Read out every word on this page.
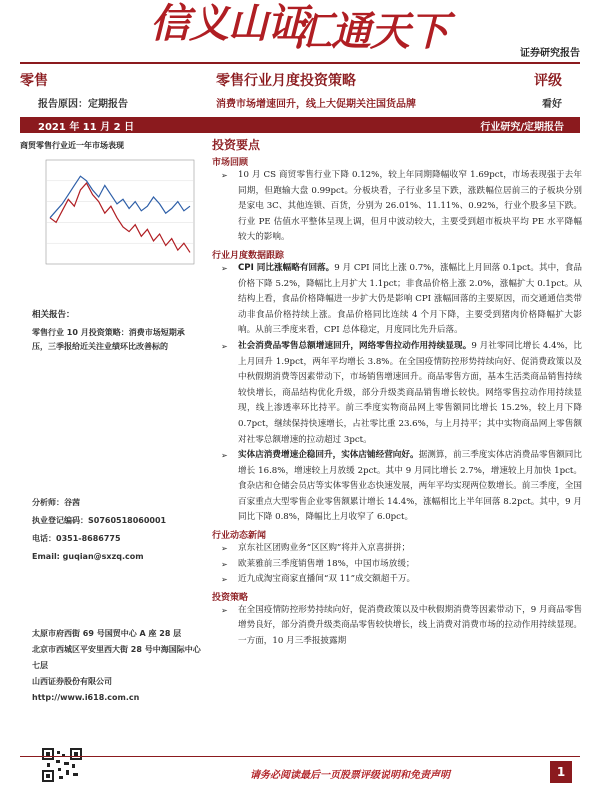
信义山证
汇通天下	证券研究报告
零售	零售行业月度投资策略	评级
报告原因：定期报告	消费市场增速回升，线上大促期关注国货品牌	看好
2021 年 11 月 2 日	行业研究/定期报告
商贸零售行业近一年市场表现
相关报告：
零售行业 10 月投资策略：消费市场短期承压，三季报给近关注业绩环比改善标的
分析师：谷茜
执业登记编码：S0760518060001
电话：0351-8686775
Email: guqian@sxzq.com
太原市府西街 69 号国贸中心 A 座 28 层
北京市西城区平安里西大街 28 号中海国际中心七层
山西证券股份有限公司
http://www.i618.com.cn
投资要点
市场回顾
➢ 10 月 CS 商贸零售行业下降 0.12%，较上年同期降幅收窄 1.69pct，市场表现强于去年同期，但跑输大盘 0.99pct。分板块看，子行业多呈下跌，涨跌幅位居前三的子板块分别是家电 3C、其他连锁、百货，分别为 26.01%、11.11%、0.92%，行业个股多呈下跌。行业 PE 估值水平整体呈现上调，但月中波动较大，主要受到超市板块平均 PE 水平降幅较大的影响。
行业月度数据跟踪
➢ CPI 同比涨幅略有回落。9 月 CPI 同比上涨 0.7%，涨幅比上月回落 0.1pct。其中，食品价格下降 5.2%，降幅比上月扩大 1.1pct；非食品价格上涨 2.0%，涨幅扩大 0.1pct。从结构上看，食品价格降幅进一步扩大仍是影响 CPI 涨幅回落的主要原因，而交通通信类带动非食品价格持续上涨。食品价格同比连续 4 个月下降，主要受到猪肉价格降幅扩大影响。从前三季度来看，CPI 总体稳定，月度同比先升后落。
➢ 社会消费品零售总额增速回升，网络零售拉动作用持续显现。9 月社零同比增长 4.4%，比上月回升 1.9pct，两年平均增长 3.8%。在全国疫情防控形势持续向好、促消费政策以及中秋假期消费等因素带动下，市场销售增速回升。商品零售方面，基本生活类商品销售持续较快增长，商品结构优化升级，部分升级类商品销售增长较快。网络零售拉动作用持续显现，线上渗透率环比持平。前三季度实物商品网上零售额同比增长 15.2%，较上月下降 0.7pct，继续保持快速增长，占社零比重 23.6%，与上月持平；其中实物商品网上零售额对社零总额增速的拉动超过 3pct。
➢ 实体店消费增速企稳回升，实体店铺经营向好。据测算，前三季度实体店消费品零售额同比增长 16.8%，增速较上月放缓 2pct。其中 9 月同比增长 2.7%，增速较上月加快 1pct。食杂店和仓储会员店等实体零售业态快速发展，两年平均实现两位数增长。前三季度，全国百家重点大型零售企业零售额累计增长 14.4%，涨幅相比上半年回落 8.2pct。其中，9 月同比下降 0.8%，降幅比上月收窄了 6.0pct。
行业动态新闻
➢ 京东社区团购业务“区区购”将并入京喜拼拼；
➢ 欧莱雅前三季度销售增 18%，中国市场放缓；
➢ 近九成淘宝商家直播间“双 11”成交额超千万。
投资策略
➢ 在全国疫情防控形势持续向好，促消费政策以及中秋假期消费等因素带动下，9 月商品零售增势良好，部分消费升级类商品零售较快增长，线上消费对消费市场的拉动作用持续显现。一方面，10 月三季报披露期
请务必阅读最后一页股票评级说明和免责声明	1
